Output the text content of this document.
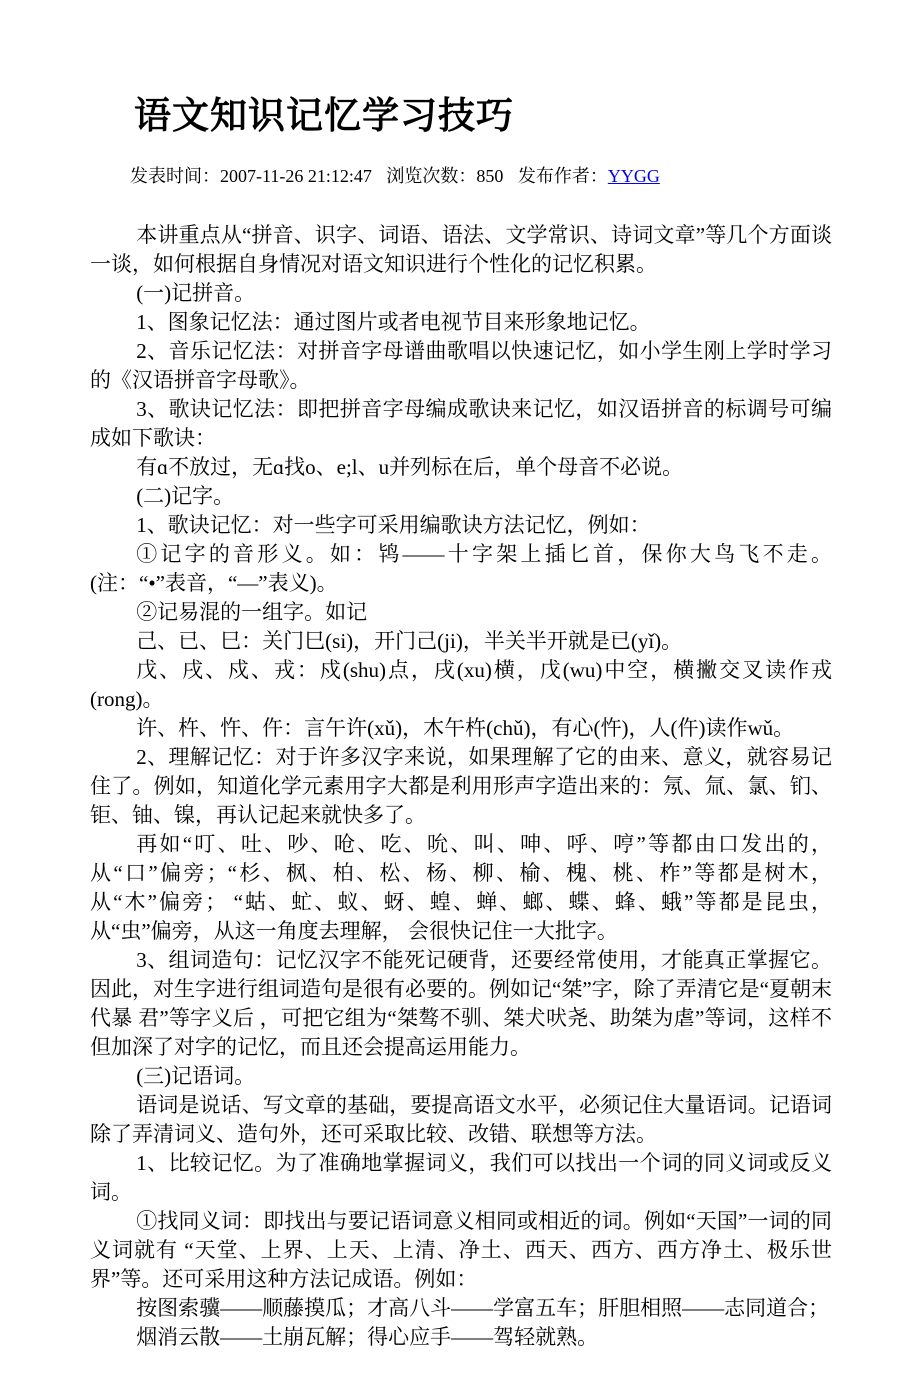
语文知识记忆学习技巧
发表时间：2007-11-26 21:12:47 浏览次数：850 发布作者：YYGG

本讲重点从“拼音、识字、词语、语法、文学常识、诗词文章”等几个方面谈一谈，如何根据自身情况对语文知识进行个性化的记忆积累。

(一)记拼音。

1、图象记忆法：通过图片或者电视节目来形象地记忆。

2、音乐记忆法：对拼音字母谱曲歌唱以快速记忆，如小学生刚上学时学习的《汉语拼音字母歌》。

3、歌诀记忆法：即把拼音字母编成歌诀来记忆，如汉语拼音的标调号可编成如下歌诀：

有ɑ不放过，无ɑ找o、e;l、u并列标在后，单个母音不必说。

(二)记字。

1、歌诀记忆：对一些字可采用编歌诀方法记忆，例如：

①记字的音形义。如：鸨——十字架上插匕首，保你大鸟飞不走。(注：“•”表音，“—”表义)。

②记易混的一组字。如记

己、已、巳：关门巳(si)，开门己(ji)，半关半开就是已(yǐ)。

戊、戌、戍、戎：戍(shu)点，戌(xu)横，戊(wu)中空，横撇交叉读作戎(rong)。

许、杵、忤、仵：言午许(xǔ)，木午杵(chǔ)，有心(忤)，人(仵)读作wǔ。

2、理解记忆：对于许多汉字来说，如果理解了它的由来、意义，就容易记住了。例如，知道化学元素用字大都是利用形声字造出来的：氖、氚、氯、钔、钜、铀、镍，再认记起来就快多了。

再如“叮、吐、吵、呛、吃、吮、叫、呻、呼、哼”等都由口发出的，从“口”偏旁；“杉、枫、柏、松、杨、柳、榆、槐、桃、柞”等都是树木，从“木”偏旁； “蛄、虻、蚁、蚜、蝗、蝉、螂、蝶、蜂、蛾”等都是昆虫，从“虫”偏旁，从这一角度去理解， 会很快记住一大批字。

3、组词造句：记忆汉字不能死记硬背，还要经常使用，才能真正掌握它。因此，对生字进行组词造句是很有必要的。例如记“桀”字，除了弄清它是“夏朝末代暴 君”等字义后 ，可把它组为“桀骜不驯、桀犬吠尧、助桀为虐”等词，这样不但加深了对字的记忆，而且还会提高运用能力。

(三)记语词。

语词是说话、写文章的基础，要提高语文水平，必须记住大量语词。记语词除了弄清词义、造句外，还可采取比较、改错、联想等方法。

1、比较记忆。为了准确地掌握词义，我们可以找出一个词的同义词或反义词。

①找同义词：即找出与要记语词意义相同或相近的词。例如“天国”一词的同义词就有 “天堂、上界、上天、上清、净土、西天、西方、西方净土、极乐世界”等。还可采用这种方法记成语。例如：

按图索骥——顺藤摸瓜；才高八斗——学富五车；肝胆相照——志同道合；

烟消云散——土崩瓦解；得心应手——驾轻就熟。
